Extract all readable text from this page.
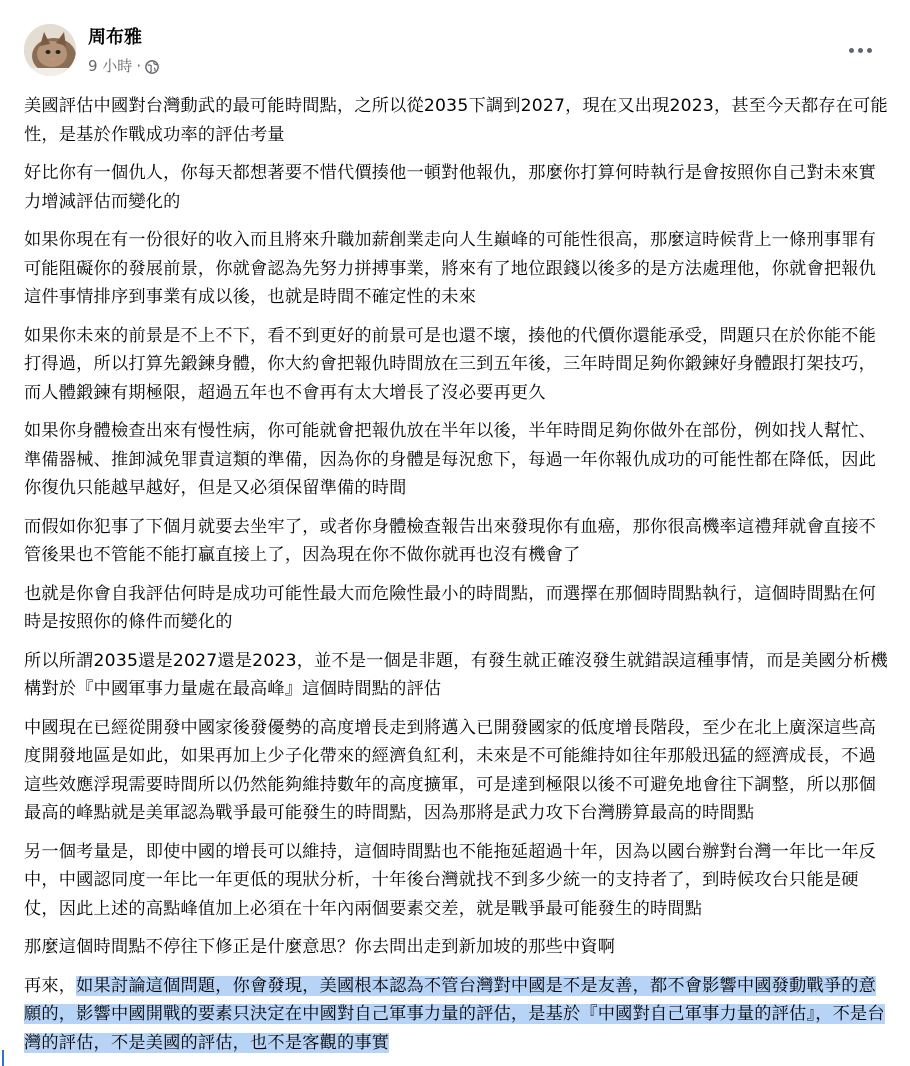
周布雅
9 小時 ·

美國評估中國對台灣動武的最可能時間點，之所以從2035下調到2027，現在又出現2023，甚至今天都存在可能性，是基於作戰成功率的評估考量

好比你有一個仇人，你每天都想著要不惜代價揍他一頓對他報仇，那麼你打算何時執行是會按照你自己對未來實力增減評估而變化的

如果你現在有一份很好的收入而且將來升職加薪創業走向人生巔峰的可能性很高，那麼這時候背上一條刑事罪有可能阻礙你的發展前景，你就會認為先努力拼搏事業，將來有了地位跟錢以後多的是方法處理他，你就會把報仇這件事情排序到事業有成以後，也就是時間不確定性的未來

如果你未來的前景是不上不下，看不到更好的前景可是也還不壞，揍他的代價你還能承受，問題只在於你能不能打得過，所以打算先鍛鍊身體，你大約會把報仇時間放在三到五年後，三年時間足夠你鍛鍊好身體跟打架技巧，而人體鍛鍊有期極限，超過五年也不會再有太大增長了沒必要再更久

如果你身體檢查出來有慢性病，你可能就會把報仇放在半年以後，半年時間足夠你做外在部份，例如找人幫忙、準備器械、推卸減免罪責這類的準備，因為你的身體是每況愈下，每過一年你報仇成功的可能性都在降低，因此你復仇只能越早越好，但是又必須保留準備的時間

而假如你犯事了下個月就要去坐牢了，或者你身體檢查報告出來發現你有血癌，那你很高機率這禮拜就會直接不管後果也不管能不能打贏直接上了，因為現在你不做你就再也沒有機會了

也就是你會自我評估何時是成功可能性最大而危險性最小的時間點，而選擇在那個時間點執行，這個時間點在何時是按照你的條件而變化的

所以所謂2035還是2027還是2023，並不是一個是非題，有發生就正確沒發生就錯誤這種事情，而是美國分析機構對於『中國軍事力量處在最高峰』這個時間點的評估

中國現在已經從開發中國家後發優勢的高度增長走到將邁入已開發國家的低度增長階段，至少在北上廣深這些高度開發地區是如此，如果再加上少子化帶來的經濟負紅利，未來是不可能維持如往年那般迅猛的經濟成長，不過這些效應浮現需要時間所以仍然能夠維持數年的高度擴軍，可是達到極限以後不可避免地會往下調整，所以那個最高的峰點就是美軍認為戰爭最可能發生的時間點，因為那將是武力攻下台灣勝算最高的時間點

另一個考量是，即使中國的增長可以維持，這個時間點也不能拖延超過十年，因為以國台辦對台灣一年比一年反中，中國認同度一年比一年更低的現狀分析，十年後台灣就找不到多少統一的支持者了，到時候攻台只能是硬仗，因此上述的高點峰值加上必須在十年內兩個要素交差，就是戰爭最可能發生的時間點

那麼這個時間點不停往下修正是什麼意思？你去問出走到新加坡的那些中資啊

再來，如果討論這個問題，你會發現，美國根本認為不管台灣對中國是不是友善，都不會影響中國發動戰爭的意願的，影響中國開戰的要素只決定在中國對自己軍事力量的評估，是基於『中國對自己軍事力量的評估』，不是台灣的評估，不是美國的評估，也不是客觀的事實
